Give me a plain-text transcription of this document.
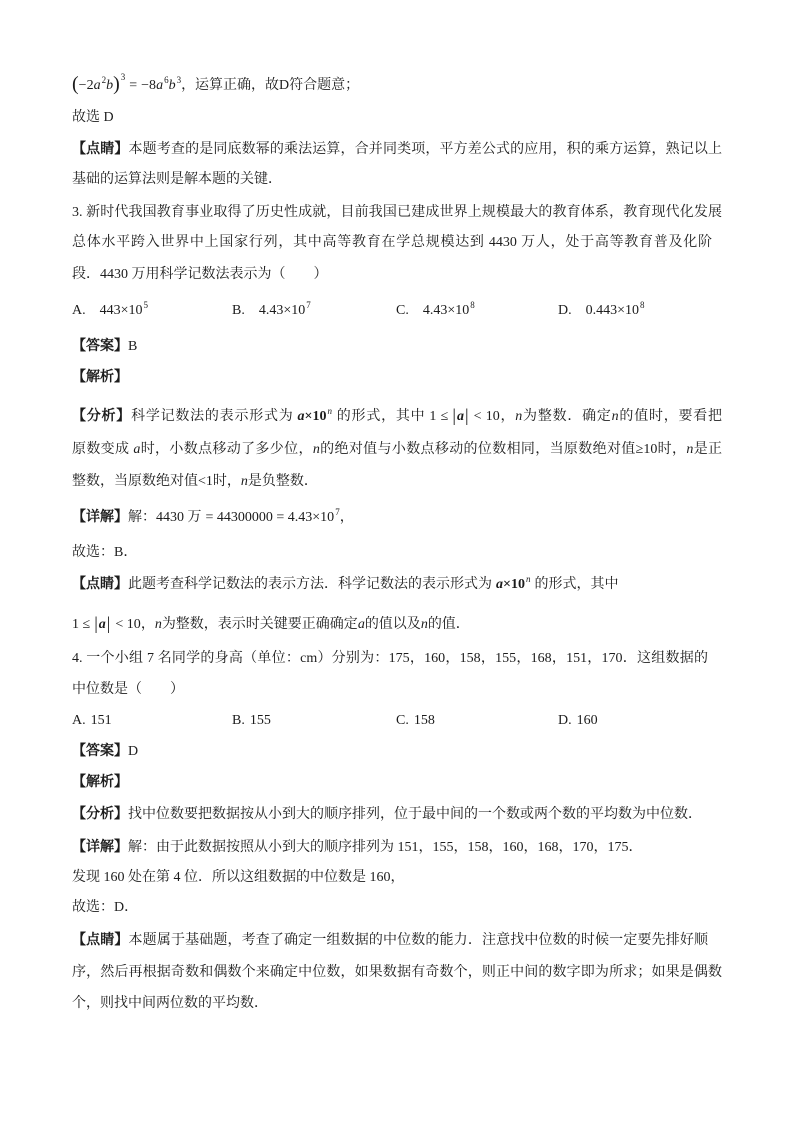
$(-2a^2b)^3= -8a^6b^3$，运算正确，故D符合题意；
故选 D
【点睛】本题考查的是同底数幂的乘法运算，合并同类项，平方差公式的应用，积的乘方运算，熟记以上
基础的运算法则是解本题的关键．
3. 新时代我国教育事业取得了历史性成就，目前我国已建成世界上规模最大的教育体系，教育现代化发展
总体水平跨入世界中上国家行列，其中高等教育在学总规模达到 4430 万人，处于高等教育普及化阶
段．4430 万用科学记数法表示为（　　）
A. $443\times 10^5$	B. $4.43\times 10^7$	C. $4.43\times 10^8$	D. $0.443\times 10^8$
【答案】B
【解析】
【分析】科学记数法的表示形式为 $a\times 10^n$ 的形式，其中 1 ≤ |a| < 10，n为整数．确定n的值时，要看把
原数变成 a时，小数点移动了多少位，n的绝对值与小数点移动的位数相同，当原数绝对值≥10时，n是正
整数，当原数绝对值<1时，n是负整数．
【详解】解：4430 万 = $44300000 = 4.43\times 10^7$，
故选：B．
【点睛】此题考查科学记数法的表示方法．科学记数法的表示形式为 $a\times 10^n$ 的形式，其中
1 ≤ |a| < 10，n为整数，表示时关键要正确确定a的值以及n的值．
4. 一个小组 7 名同学的身高（单位：cm）分别为：175，160，158，155，168，151，170．这组数据的
中位数是（　　）
A. 151	B. 155	C. 158	D. 160
【答案】D
【解析】
【分析】找中位数要把数据按从小到大的顺序排列，位于最中间的一个数或两个数的平均数为中位数．
【详解】解：由于此数据按照从小到大的顺序排列为 151，155，158，160，168，170，175．
发现 160 处在第 4 位．所以这组数据的中位数是 160，
故选：D．
【点睛】本题属于基础题，考查了确定一组数据的中位数的能力．注意找中位数的时候一定要先排好顺
序，然后再根据奇数和偶数个来确定中位数，如果数据有奇数个，则正中间的数字即为所求；如果是偶数
个，则找中间两位数的平均数．
